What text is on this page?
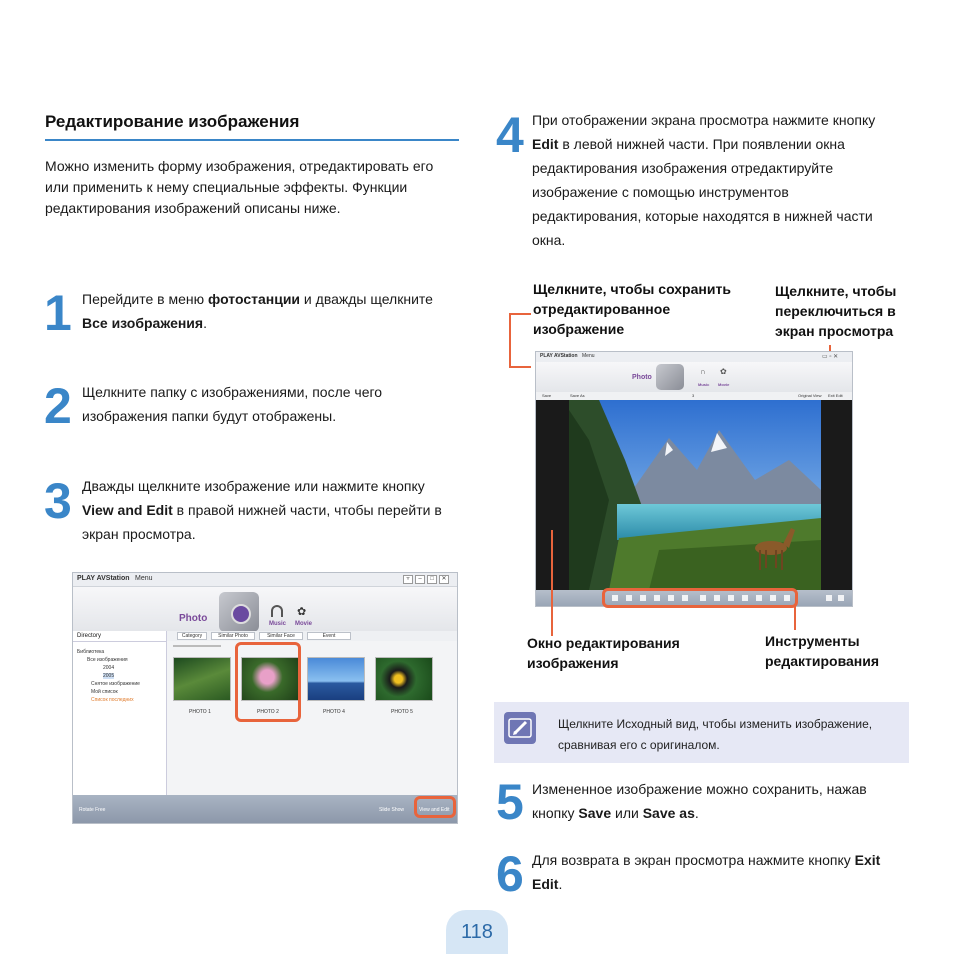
Редактирование изображения
Можно изменить форму изображения, отредактировать его или применить к нему специальные эффекты. Функции редактирования изображений описаны ниже.
1 Перейдите в меню фотостанции и дважды щелкните Все изображения.
2 Щелкните папку с изображениями, после чего изображения папки будут отображены.
3 Дважды щелкните изображение или нажмите кнопку View and Edit в правой нижней части, чтобы перейти в экран просмотра.
PLAY AVStation Menu	▿	–	□	✕
Photo	Music
✿
Movie
Directory
Библиотека
Все изображения
2004
2005
Снятое изображение
Мой список
Список последних
Category	Similar Photo	Similar Face	Event
PHOTO 1	PHOTO 2	PHOTO 4	PHOTO 5
Rotate Free	Slide Show	View and Edit
4 При отображении экрана просмотра нажмите кнопку Edit в левой нижней части. При появлении окна редактирования изображения отредактируйте изображение с помощью инструментов редактирования, которые находятся в нижней части окна.
Щелкните, чтобы сохранить отредактированное изображение
Щелкните, чтобы переключиться в экран просмотра
PLAY AVStation Menu	▭ ▫ ✕
Photo
∩ ✿
Music Movie
Save	Save As	3	Original View Exit Edit
Окно редактирования изображения
Инструменты редактирования
Щелкните Исходный вид, чтобы изменить изображение, сравнивая его с оригиналом.
5 Измененное изображение можно сохранить, нажав кнопку Save или Save as.
6 Для возврата в экран просмотра нажмите кнопку Exit Edit.
118
